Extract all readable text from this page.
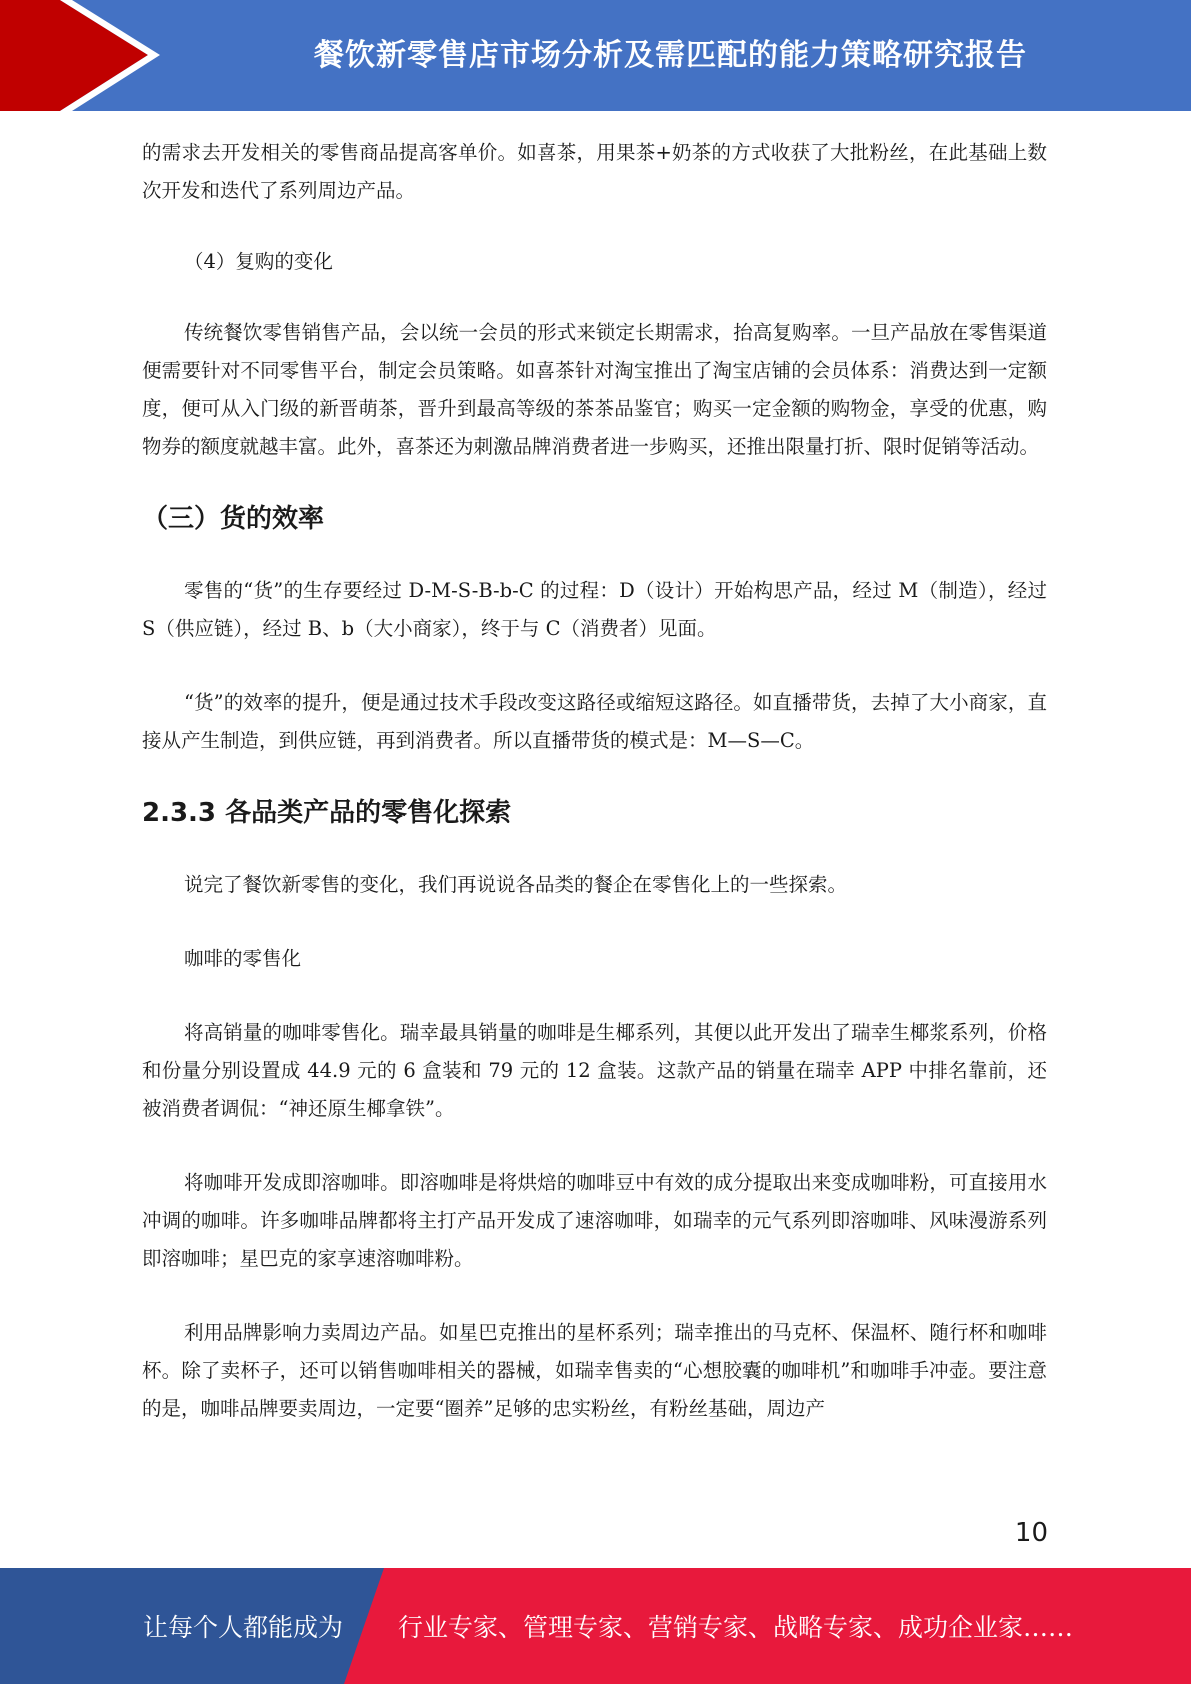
餐饮新零售店市场分析及需匹配的能力策略研究报告

的需求去开发相关的零售商品提高客单价。如喜茶，用果茶+奶茶的方式收获了大批粉丝，在此基础上数次开发和迭代了系列周边产品。

（4）复购的变化

传统餐饮零售销售产品，会以统一会员的形式来锁定长期需求，抬高复购率。一旦产品放在零售渠道便需要针对不同零售平台，制定会员策略。如喜茶针对淘宝推出了淘宝店铺的会员体系：消费达到一定额度，便可从入门级的新晋萌茶，晋升到最高等级的茶茶品鉴官；购买一定金额的购物金，享受的优惠，购物券的额度就越丰富。此外，喜茶还为刺激品牌消费者进一步购买，还推出限量打折、限时促销等活动。

（三）货的效率

零售的“货”的生存要经过 D-M-S-B-b-C 的过程：D（设计）开始构思产品，经过 M（制造），经过 S（供应链），经过 B、b（大小商家），终于与 C（消费者）见面。

“货”的效率的提升，便是通过技术手段改变这路径或缩短这路径。如直播带货，去掉了大小商家，直接从产生制造，到供应链，再到消费者。所以直播带货的模式是：M—S—C。

2.3.3 各品类产品的零售化探索

说完了餐饮新零售的变化，我们再说说各品类的餐企在零售化上的一些探索。

咖啡的零售化

将高销量的咖啡零售化。瑞幸最具销量的咖啡是生椰系列，其便以此开发出了瑞幸生椰浆系列，价格和份量分别设置成 44.9 元的 6 盒装和 79 元的 12 盒装。这款产品的销量在瑞幸 APP 中排名靠前，还被消费者调侃：“神还原生椰拿铁”。

将咖啡开发成即溶咖啡。即溶咖啡是将烘焙的咖啡豆中有效的成分提取出来变成咖啡粉，可直接用水冲调的咖啡。许多咖啡品牌都将主打产品开发成了速溶咖啡，如瑞幸的元气系列即溶咖啡、风味漫游系列即溶咖啡；星巴克的家享速溶咖啡粉。

利用品牌影响力卖周边产品。如星巴克推出的星杯系列；瑞幸推出的马克杯、保温杯、随行杯和咖啡杯。除了卖杯子，还可以销售咖啡相关的器械，如瑞幸售卖的“心想胶囊的咖啡机”和咖啡手冲壶。要注意的是，咖啡品牌要卖周边，一定要“圈养”足够的忠实粉丝，有粉丝基础，周边产

10
让每个人都能成为 行业专家、管理专家、营销专家、战略专家、成功企业家……
